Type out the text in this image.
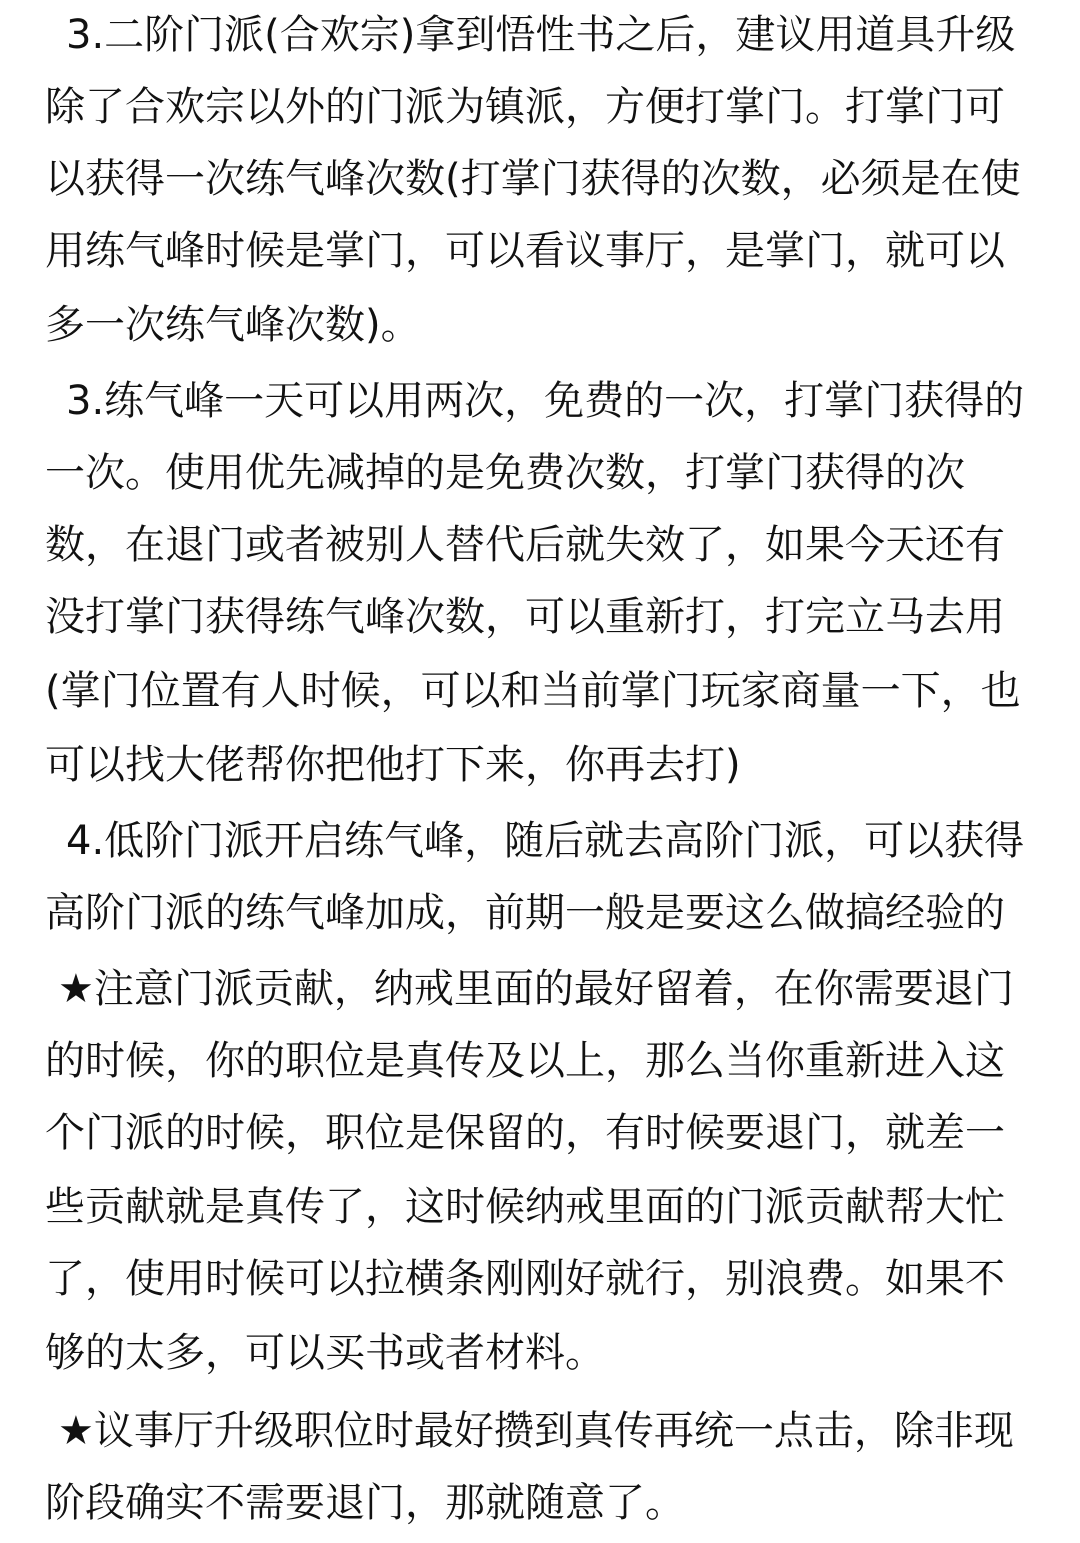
3.二阶门派(合欢宗)拿到悟性书之后，建议用道具升级
除了合欢宗以外的门派为镇派，方便打掌门。打掌门可
以获得一次练气峰次数(打掌门获得的次数，必须是在使
用练气峰时候是掌门，可以看议事厅，是掌门，就可以
多一次练气峰次数)。
3.练气峰一天可以用两次，免费的一次，打掌门获得的
一次。使用优先减掉的是免费次数，打掌门获得的次
数，在退门或者被别人替代后就失效了，如果今天还有
没打掌门获得练气峰次数，可以重新打，打完立马去用
(掌门位置有人时候，可以和当前掌门玩家商量一下，也
可以找大佬帮你把他打下来，你再去打)
4.低阶门派开启练气峰，随后就去高阶门派，可以获得
高阶门派的练气峰加成，前期一般是要这么做搞经验的
★注意门派贡献，纳戒里面的最好留着，在你需要退门
的时候，你的职位是真传及以上，那么当你重新进入这
个门派的时候，职位是保留的，有时候要退门，就差一
些贡献就是真传了，这时候纳戒里面的门派贡献帮大忙
了，使用时候可以拉横条刚刚好就行，别浪费。如果不
够的太多，可以买书或者材料。
★议事厅升级职位时最好攒到真传再统一点击，除非现
阶段确实不需要退门，那就随意了。
